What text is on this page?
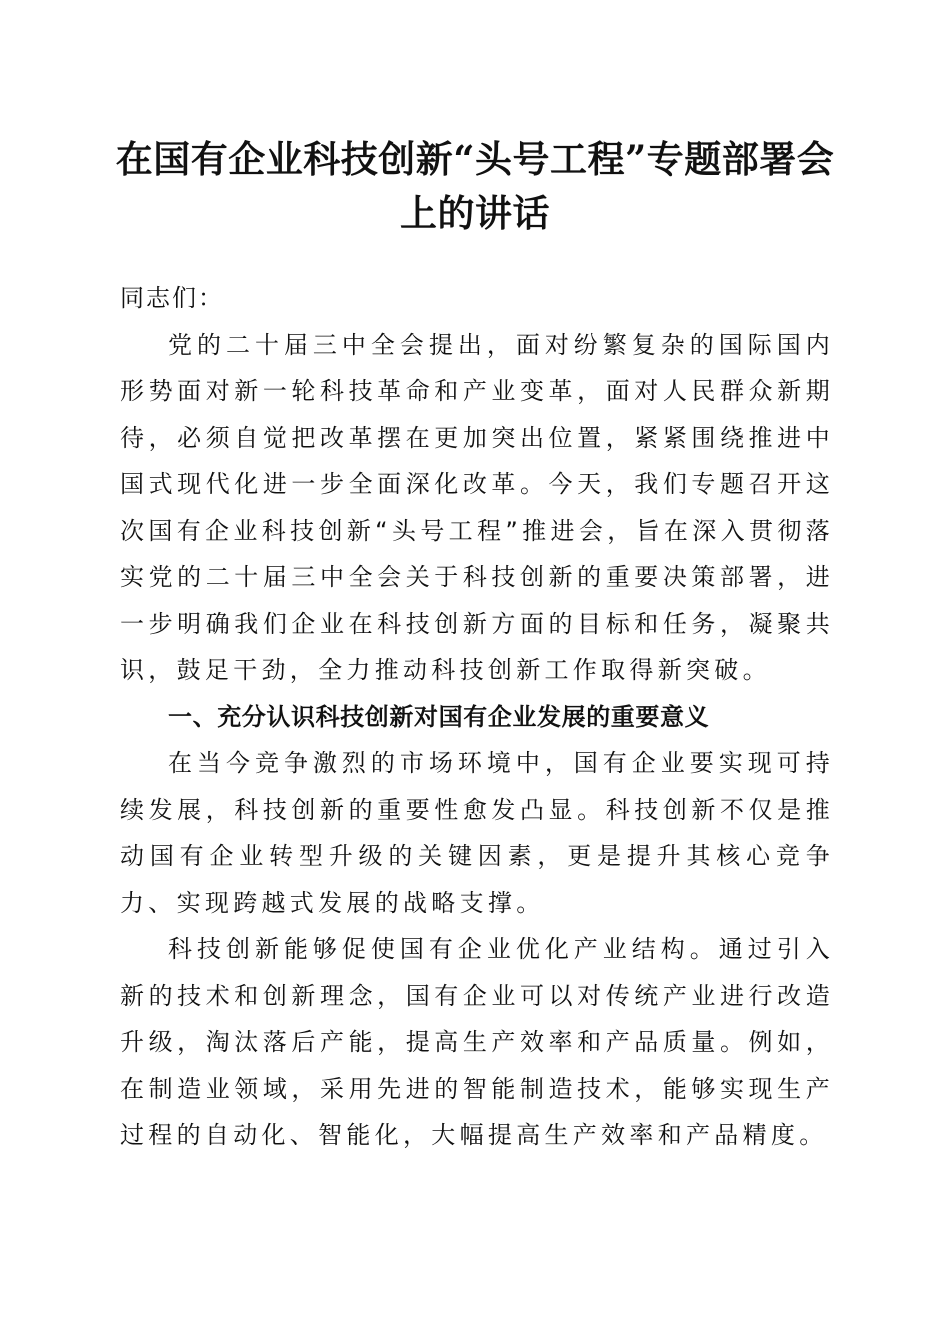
在国有企业科技创新“头号工程”专题部署会上的讲话

同志们：

党的二十届三中全会提出，面对纷繁复杂的国际国内形势面对新一轮科技革命和产业变革，面对人民群众新期待，必须自觉把改革摆在更加突出位置，紧紧围绕推进中国式现代化进一步全面深化改革。今天，我们专题召开这次国有企业科技创新“头号工程”推进会，旨在深入贯彻落实党的二十届三中全会关于科技创新的重要决策部署，进一步明确我们企业在科技创新方面的目标和任务，凝聚共识，鼓足干劲，全力推动科技创新工作取得新突破。

一、充分认识科技创新对国有企业发展的重要意义

在当今竞争激烈的市场环境中，国有企业要实现可持续发展，科技创新的重要性愈发凸显。科技创新不仅是推动国有企业转型升级的关键因素，更是提升其核心竞争力、实现跨越式发展的战略支撑。

科技创新能够促使国有企业优化产业结构。通过引入新的技术和创新理念，国有企业可以对传统产业进行改造升级，淘汰落后产能，提高生产效率和产品质量。例如，在制造业领域，采用先进的智能制造技术，能够实现生产过程的自动化、智能化，大幅提高生产效率和产品精度。
